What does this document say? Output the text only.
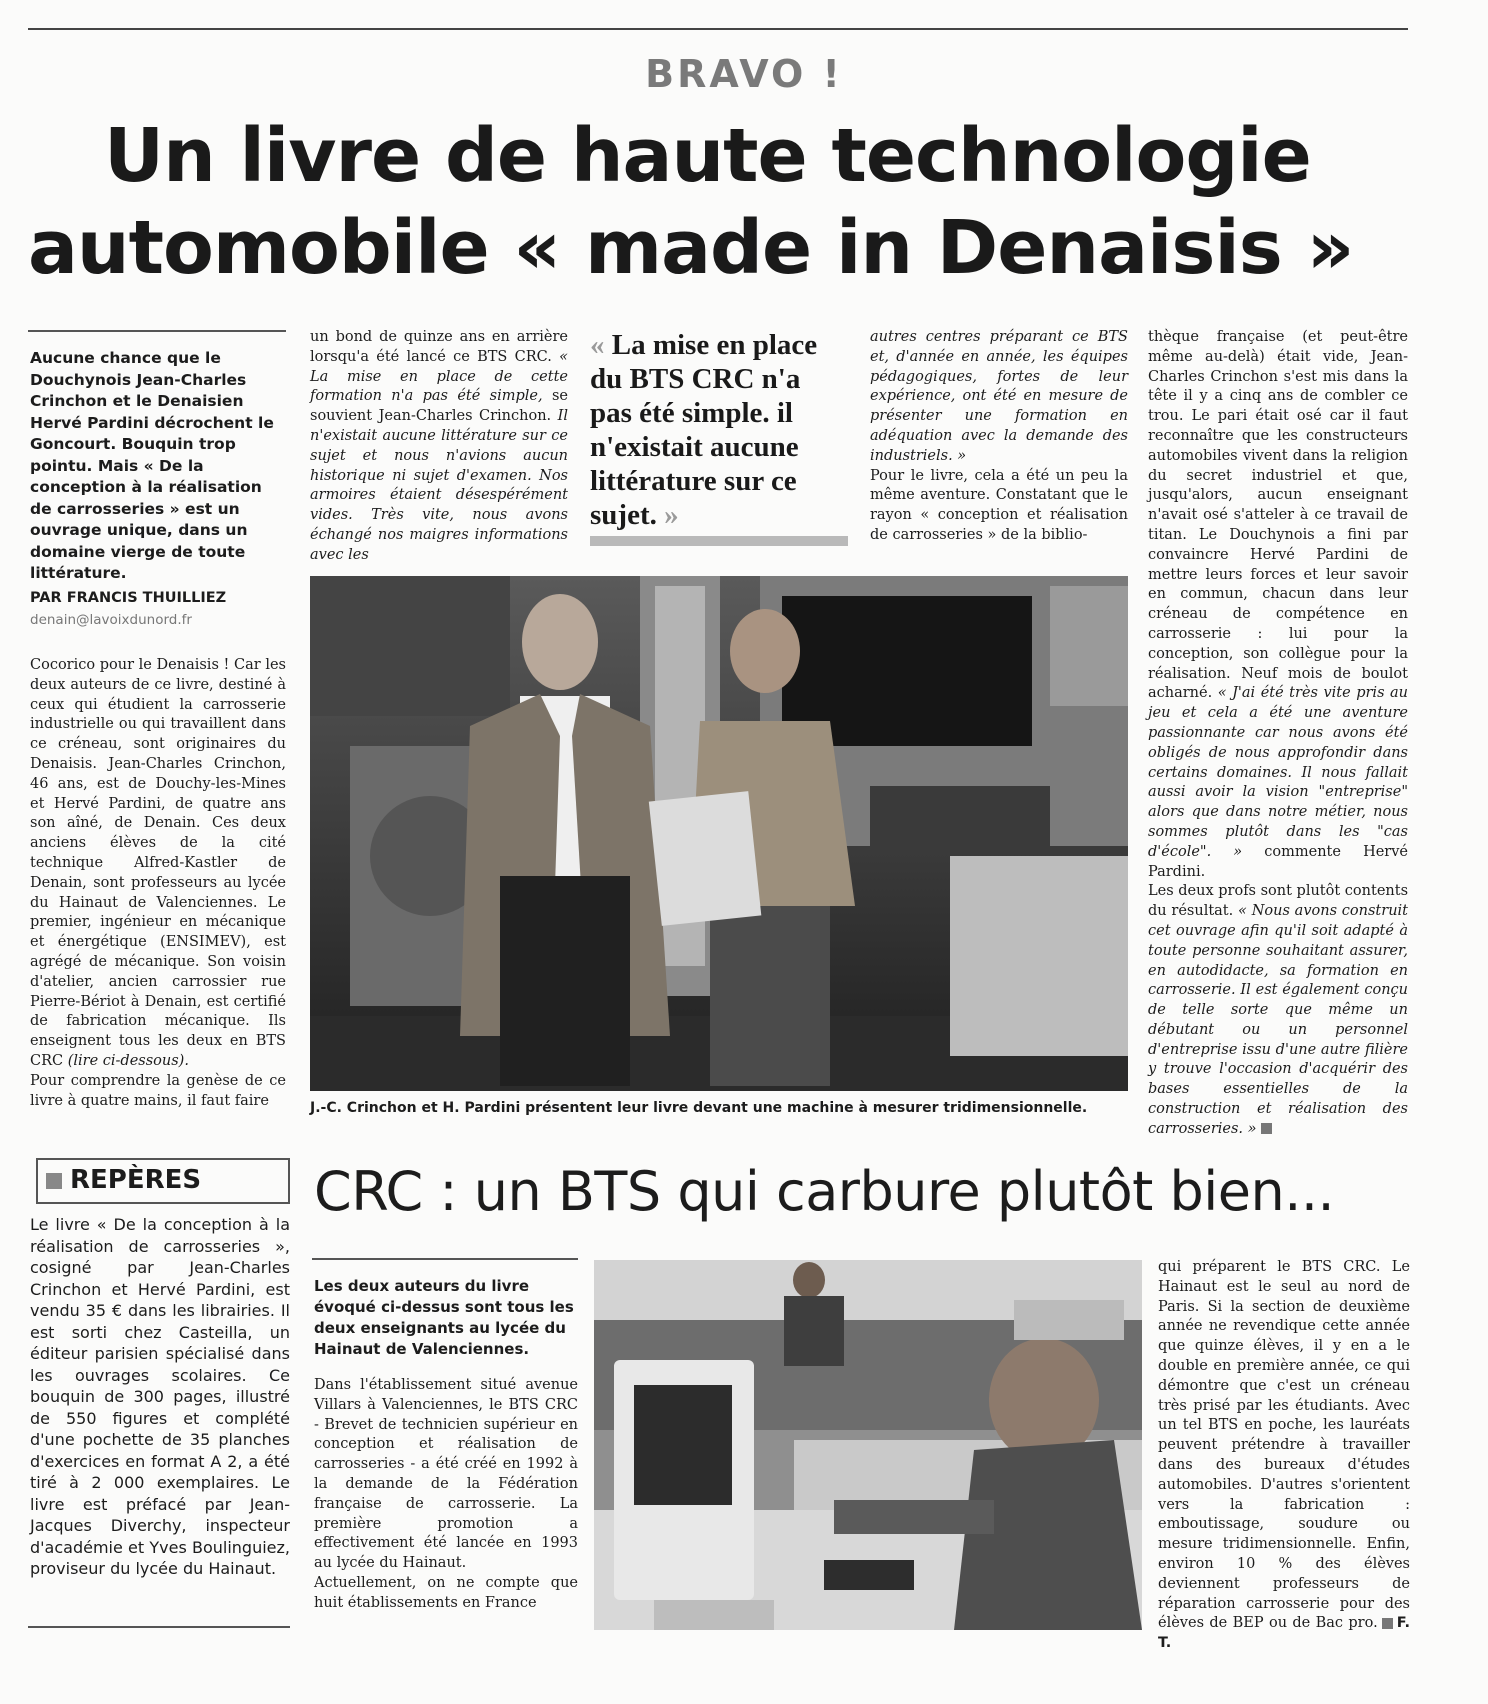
BRAVO !
Un livre de haute technologie
automobile « made in Denaisis »
Aucune chance que le Douchynois Jean-Charles Crinchon et le Denaisien Hervé Pardini décrochent le Goncourt. Bouquin trop pointu. Mais « De la conception à la réalisation de carrosseries » est un ouvrage unique, dans un domaine vierge de toute littérature.
PAR FRANCIS THUILLIEZ
denain@lavoixdunord.fr

Cocorico pour le Denaisis ! Car les deux auteurs de ce livre, destiné à ceux qui étudient la carrosserie industrielle ou qui travaillent dans ce créneau, sont originaires du Denaisis. Jean-Charles Crinchon, 46 ans, est de Douchy-les-Mines et Hervé Pardini, de quatre ans son aîné, de Denain. Ces deux anciens élèves de la cité technique Alfred-Kastler de Denain, sont professeurs au lycée du Hainaut de Valenciennes. Le premier, ingénieur en mécanique et énergétique (ENSIMEV), est agrégé de mécanique. Son voisin d'atelier, ancien carrossier rue Pierre-Bériot à Denain, est certifié de fabrication mécanique. Ils enseignent tous les deux en BTS CRC (lire ci-dessous).

Pour comprendre la genèse de ce livre à quatre mains, il faut faire

un bond de quinze ans en arrière lorsqu'a été lancé ce BTS CRC. « La mise en place de cette formation n'a pas été simple, se souvient Jean-Charles Crinchon. Il n'existait aucune littérature sur ce sujet et nous n'avions aucun historique ni sujet d'examen. Nos armoires étaient désespérément vides. Très vite, nous avons échangé nos maigres informations avec les

« La mise en place du BTS CRC n'a pas été simple. il n'existait aucune littérature sur ce sujet. »

autres centres préparant ce BTS et, d'année en année, les équipes pédagogiques, fortes de leur expérience, ont été en mesure de présenter une formation en adéquation avec la demande des industriels. »

Pour le livre, cela a été un peu la même aventure. Constatant que le rayon « conception et réalisation de carrosseries » de la biblio-

thèque française (et peut-être même au-delà) était vide, Jean-Charles Crinchon s'est mis dans la tête il y a cinq ans de combler ce trou. Le pari était osé car il faut reconnaître que les constructeurs automobiles vivent dans la religion du secret industriel et que, jusqu'alors, aucun enseignant n'avait osé s'atteler à ce travail de titan. Le Douchynois a fini par convaincre Hervé Pardini de mettre leurs forces et leur savoir en commun, chacun dans leur créneau de compétence en carrosserie : lui pour la conception, son collègue pour la réalisation. Neuf mois de boulot acharné. « J'ai été très vite pris au jeu et cela a été une aventure passionnante car nous avons été obligés de nous approfondir dans certains domaines. Il nous fallait aussi avoir la vision "entreprise" alors que dans notre métier, nous sommes plutôt dans les "cas d'école". » commente Hervé Pardini.

Les deux profs sont plutôt contents du résultat. « Nous avons construit cet ouvrage afin qu'il soit adapté à toute personne souhaitant assurer, en autodidacte, sa formation en carrosserie. Il est également conçu de telle sorte que même un débutant ou un personnel d'entreprise issu d'une autre filière y trouve l'occasion d'acquérir des bases essentielles de la construction et réalisation des carrosseries. »

J.-C. Crinchon et H. Pardini présentent leur livre devant une machine à mesurer tridimensionnelle.
REPÈRES
Le livre « De la conception à la réalisation de carrosseries », cosigné par Jean-Charles Crinchon et Hervé Pardini, est vendu 35 € dans les librairies. Il est sorti chez Casteilla, un éditeur parisien spécialisé dans les ouvrages scolaires. Ce bouquin de 300 pages, illustré de 550 figures et complété d'une pochette de 35 planches d'exercices en format A 2, a été tiré à 2 000 exemplaires. Le livre est préfacé par Jean-Jacques Diverchy, inspecteur d'académie et Yves Boulinguiez, proviseur du lycée du Hainaut.
CRC : un BTS qui carbure plutôt bien...
Les deux auteurs du livre évoqué ci-dessus sont tous les deux enseignants au lycée du Hainaut de Valenciennes.

Dans l'établissement situé avenue Villars à Valenciennes, le BTS CRC - Brevet de technicien supérieur en conception et réalisation de carrosseries - a été créé en 1992 à la demande de la Fédération française de carrosserie. La première promotion a effectivement été lancée en 1993 au lycée du Hainaut.

Actuellement, on ne compte que huit établissements en France

qui préparent le BTS CRC. Le Hainaut est le seul au nord de Paris. Si la section de deuxième année ne revendique cette année que quinze élèves, il y en a le double en première année, ce qui démontre que c'est un créneau très prisé par les étudiants. Avec un tel BTS en poche, les lauréats peuvent prétendre à travailler dans des bureaux d'études automobiles. D'autres s'orientent vers la fabrication : emboutissage, soudure ou mesure tridimensionnelle. Enfin, environ 10 % des élèves deviennent professeurs de réparation carrosserie pour des élèves de BEP ou de Bac pro. F. T.
